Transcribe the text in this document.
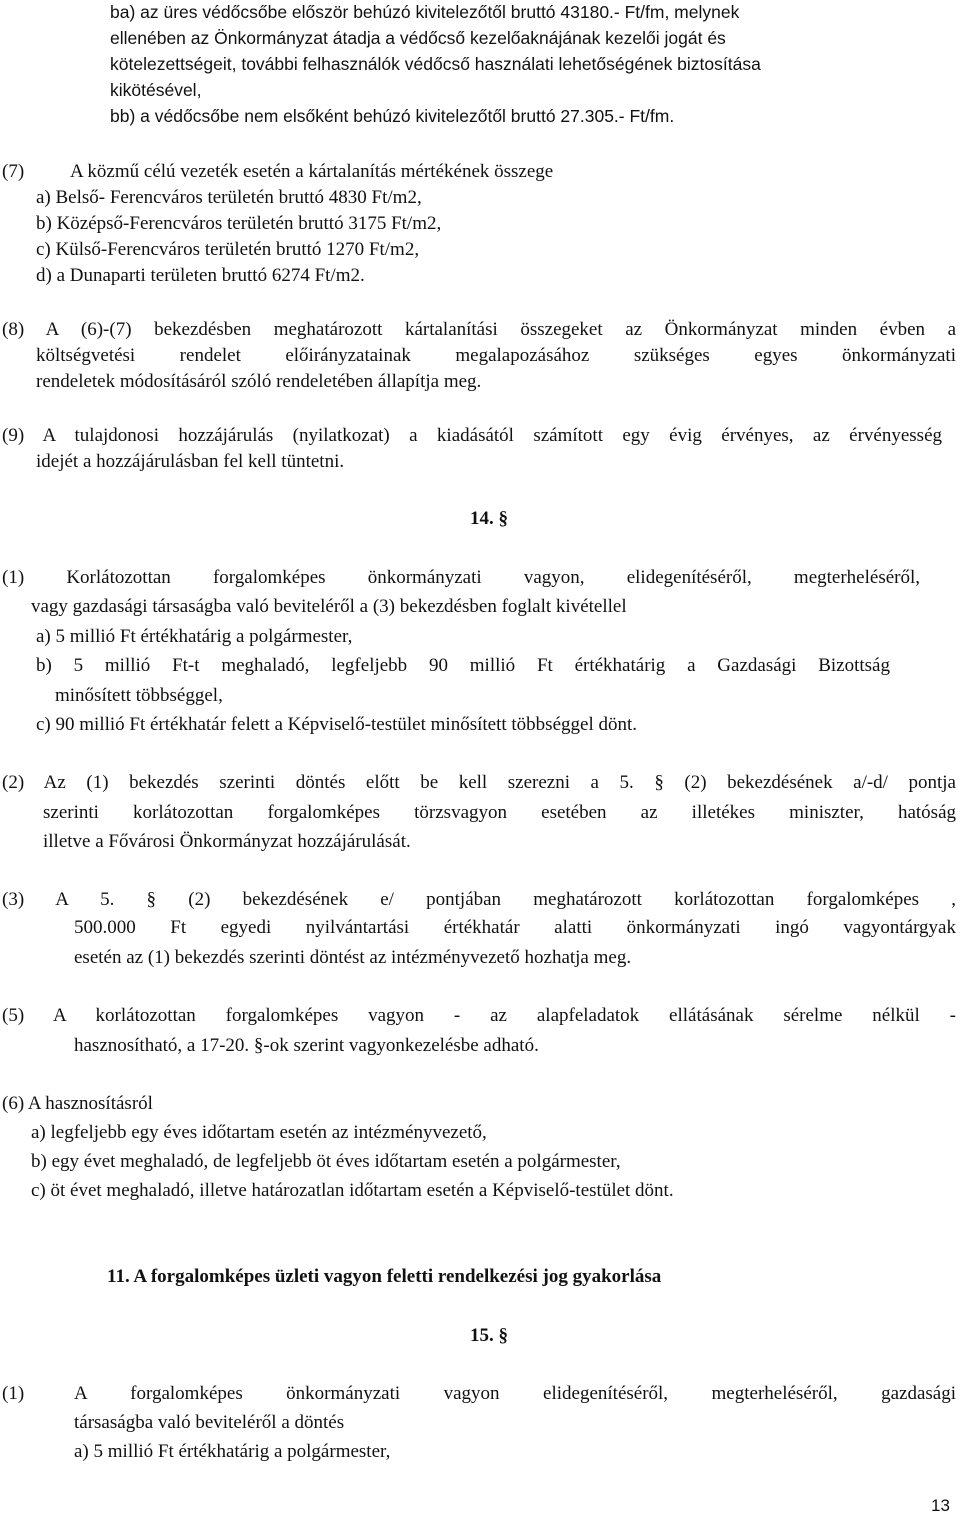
ba) az üres védőcsőbe először behúzó kivitelezőtől bruttó 43180.- Ft/fm, melynek
ellenében az Önkormányzat átadja a védőcső kezelőaknájának kezelői jogát és
kötelezettségeit, további felhasználók védőcső használati lehetőségének biztosítása
kikötésével,
bb) a védőcsőbe nem elsőként behúzó kivitelezőtől bruttó 27.305.- Ft/fm.
(7) A közmű célú vezeték esetén a kártalanítás mértékének összege
a) Belső- Ferencváros területén bruttó 4830 Ft/m2,
b) Középső-Ferencváros területén bruttó 3175 Ft/m2,
c) Külső-Ferencváros területén bruttó 1270 Ft/m2,
d) a Dunaparti területen bruttó 6274 Ft/m2.
(8) A (6)-(7) bekezdésben meghatározott kártalanítási összegeket az Önkormányzat minden évben a
költségvetési rendelet előirányzatainak megalapozásához szükséges egyes önkormányzati
rendeletek módosításáról szóló rendeletében állapítja meg.
(9) A tulajdonosi hozzájárulás (nyilatkozat) a kiadásától számított egy évig érvényes, az érvényesség
idejét a hozzájárulásban fel kell tüntetni.
14. §
(1) Korlátozottan forgalomképes önkormányzati vagyon, elidegenítéséről, megterheléséről,
vagy gazdasági társaságba való beviteléről a (3) bekezdésben foglalt kivétellel
a) 5 millió Ft értékhatárig a polgármester,
b) 5 millió Ft-t meghaladó, legfeljebb 90 millió Ft értékhatárig a Gazdasági Bizottság
minősített többséggel,
c) 90 millió Ft értékhatár felett a Képviselő-testület minősített többséggel dönt.
(2) Az (1) bekezdés szerinti döntés előtt be kell szerezni a 5. § (2) bekezdésének a/-d/ pontja
szerinti korlátozottan forgalomképes törzsvagyon esetében az illetékes miniszter, hatóság
illetve a Fővárosi Önkormányzat hozzájárulását.
(3) A 5. § (2) bekezdésének e/ pontjában meghatározott korlátozottan forgalomképes ,
500.000 Ft egyedi nyilvántartási értékhatár alatti önkormányzati ingó vagyontárgyak
esetén az (1) bekezdés szerinti döntést az intézményvezető hozhatja meg.
(5) A korlátozottan forgalomképes vagyon - az alapfeladatok ellátásának sérelme nélkül -
hasznosítható, a 17-20. §-ok szerint vagyonkezelésbe adható.
(6) A hasznosításról
a) legfeljebb egy éves időtartam esetén az intézményvezető,
b) egy évet meghaladó, de legfeljebb öt éves időtartam esetén a polgármester,
c) öt évet meghaladó, illetve határozatlan időtartam esetén a Képviselő-testület dönt.
11. A forgalomképes üzleti vagyon feletti rendelkezési jog gyakorlása
15. §
(1)	A forgalomképes önkormányzati vagyon elidegenítéséről, megterheléséről, gazdasági
társaságba való beviteléről a döntés
a) 5 millió Ft értékhatárig a polgármester,
13
